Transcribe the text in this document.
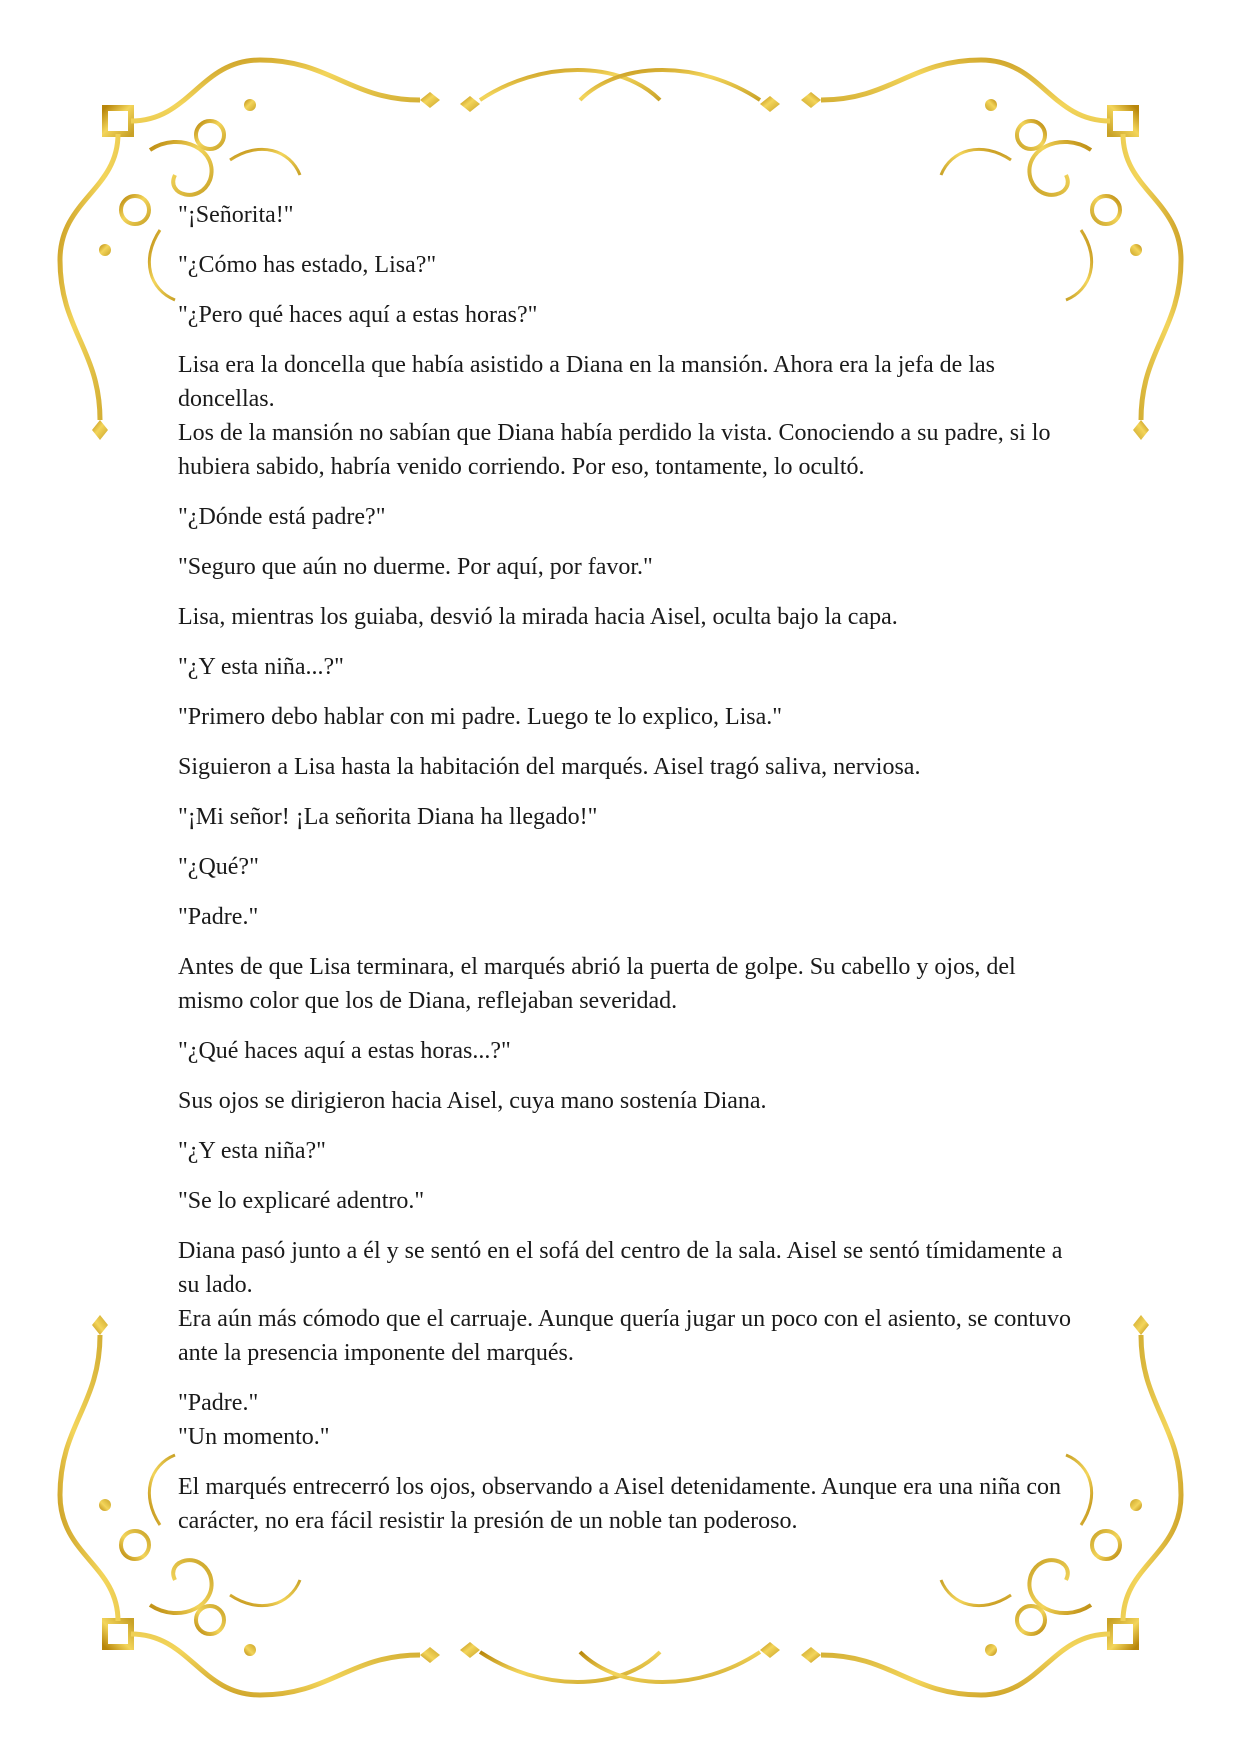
"¡Señorita!"

"¿Cómo has estado, Lisa?"

"¿Pero qué haces aquí a estas horas?"

Lisa era la doncella que había asistido a Diana en la mansión. Ahora era la jefa de las doncellas.

Los de la mansión no sabían que Diana había perdido la vista. Conociendo a su padre, si lo hubiera sabido, habría venido corriendo. Por eso, tontamente, lo ocultó.

"¿Dónde está padre?"

"Seguro que aún no duerme. Por aquí, por favor."

Lisa, mientras los guiaba, desvió la mirada hacia Aisel, oculta bajo la capa.

"¿Y esta niña...?"

"Primero debo hablar con mi padre. Luego te lo explico, Lisa."

Siguieron a Lisa hasta la habitación del marqués. Aisel tragó saliva, nerviosa.

"¡Mi señor! ¡La señorita Diana ha llegado!"

"¿Qué?"

"Padre."

Antes de que Lisa terminara, el marqués abrió la puerta de golpe. Su cabello y ojos, del mismo color que los de Diana, reflejaban severidad.

"¿Qué haces aquí a estas horas...?"

Sus ojos se dirigieron hacia Aisel, cuya mano sostenía Diana.

"¿Y esta niña?"

"Se lo explicaré adentro."

Diana pasó junto a él y se sentó en el sofá del centro de la sala. Aisel se sentó tímidamente a su lado.

Era aún más cómodo que el carruaje. Aunque quería jugar un poco con el asiento, se contuvo ante la presencia imponente del marqués.

"Padre."

"Un momento."

El marqués entrecerró los ojos, observando a Aisel detenidamente. Aunque era una niña con carácter, no era fácil resistir la presión de un noble tan poderoso.
